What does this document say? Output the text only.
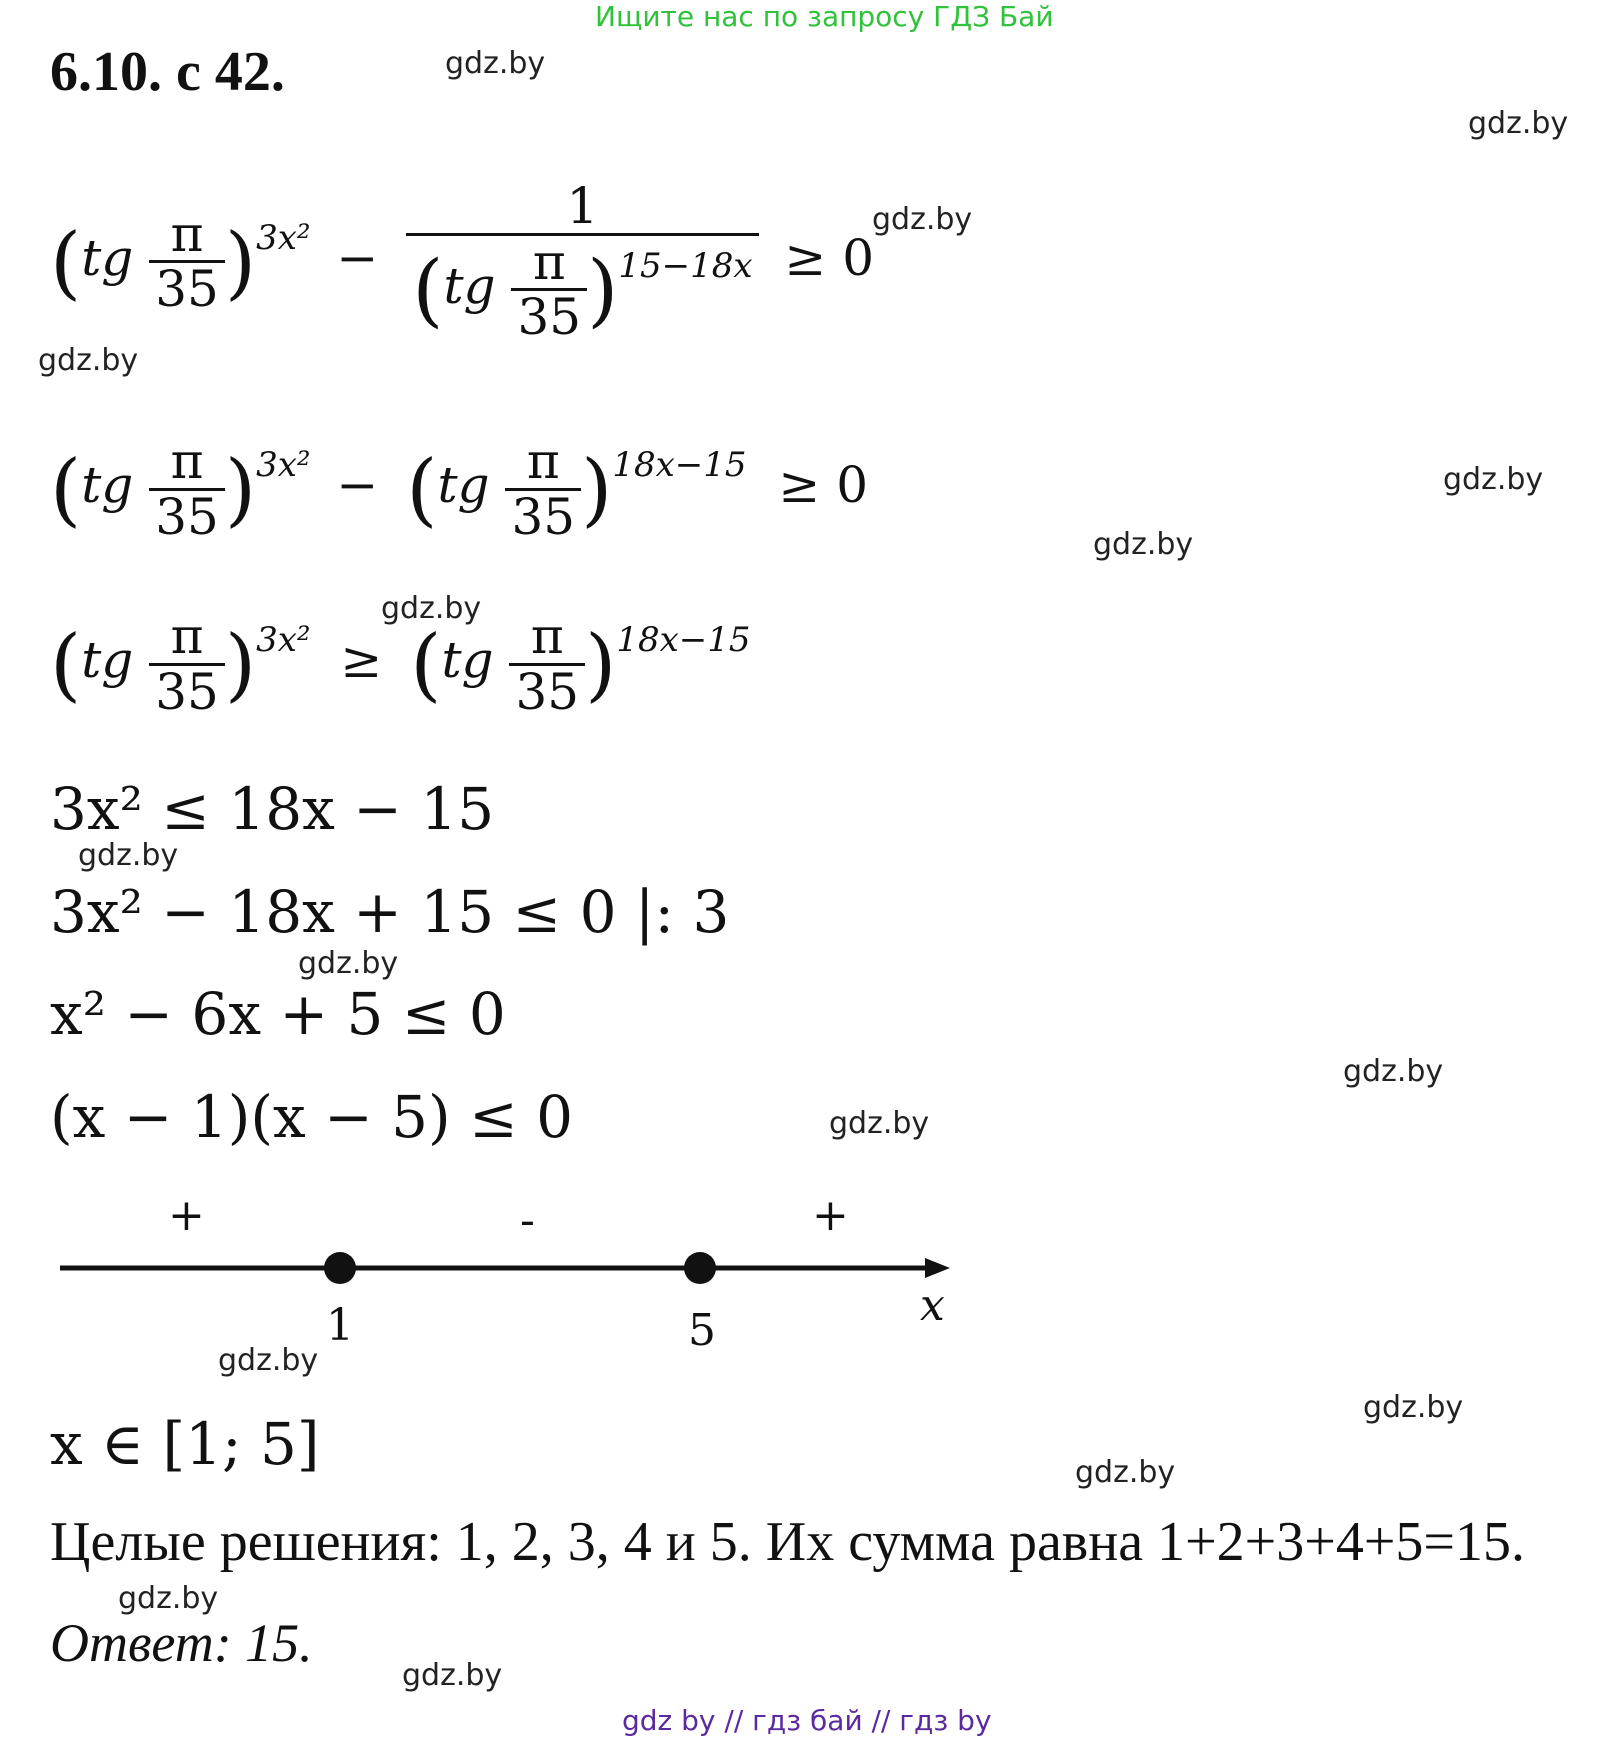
Ищите нас по запросу ГДЗ Бай
6.10. с 42.	gdz.by
gdz.by
gdz.by
gdz.by
gdz.by
gdz.by
gdz.by
gdz.by
gdz.by
gdz.by
gdz.by
gdz.by
gdz.by
gdz.by
gdz.by
gdz.by
$(tg \frac{\pi}{35} )^{3x^2} - \frac{1}{(tg \frac{\pi}{35} )^{15-18x}} \ge 0$
$(tg \frac{\pi}{35} )^{3x^2} - (tg \frac{\pi}{35} )^{18x-15} \ge 0$
$(tg \frac{\pi}{35} )^{3x^2} \ge (tg \frac{\pi}{35} )^{18x-15}$
3x² ≤ 18x − 15
3x² − 18x + 15 ≤ 0 |: 3
x² − 6x + 5 ≤ 0
(x − 1)(x − 5) ≤ 0
+	-	+
1	5	x
x ∈ [1; 5]
Целые решения: 1, 2, 3, 4 и 5. Их сумма равна 1+2+3+4+5=15.
Ответ: 15.
gdz by // гдз бай // гдз by
